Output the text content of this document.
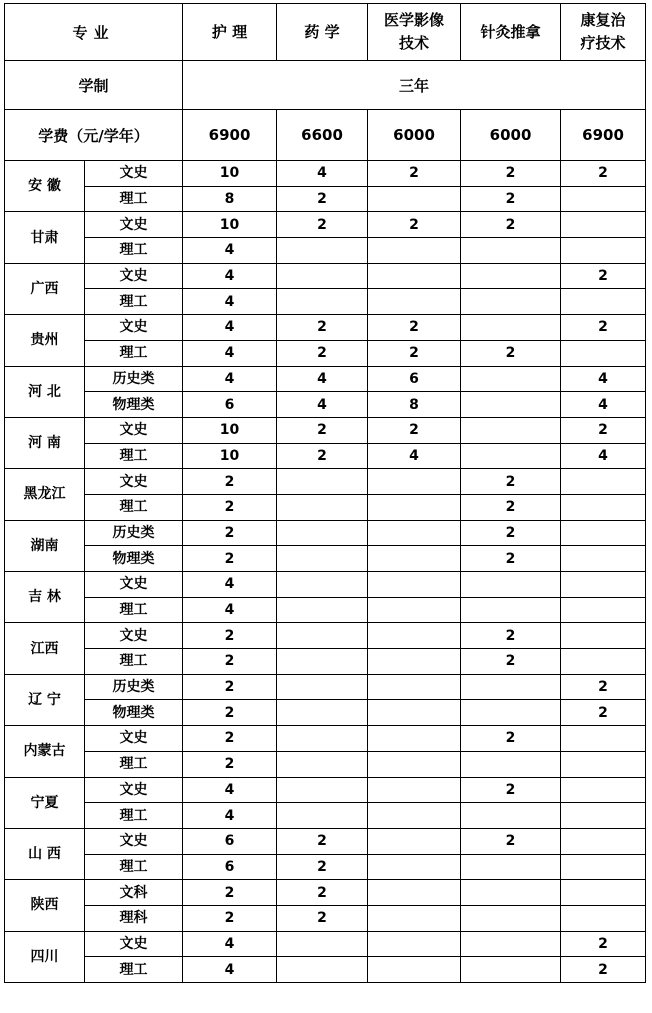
专业		护 理	药 学	医学影像技术	针灸推拿	康复治疗技术

学制		三年				
学费（元/学年）		6900	6600	6000	6000	6900
安 徽	文史	10	4	2	2	2
	理工	8	2		2	
甘肃	文史	10	2	2	2	
	理工	4				
广西	文史	4				2
	理工	4				
贵州	文史	4	2	2		2
	理工	4	2	2	2	
河 北	历史类	4	4	6		4
	物理类	6	4	8		4
河 南	文史	10	2	2		2
	理工	10	2	4		4
黑龙江	文史	2			2	
	理工	2			2	
湖南	历史类	2			2	
	物理类	2			2	
吉 林	文史	4				
	理工	4				
江西	文史	2			2	
	理工	2			2	
辽 宁	历史类	2				2
	物理类	2				2
内蒙古	文史	2			2	
	理工	2				
宁夏	文史	4			2	
	理工	4				
山 西	文史	6	2		2	
	理工	6	2			
陕西	文科	2	2			
	理科	2	2			
四川	文史	4				2
	理工	4				2
